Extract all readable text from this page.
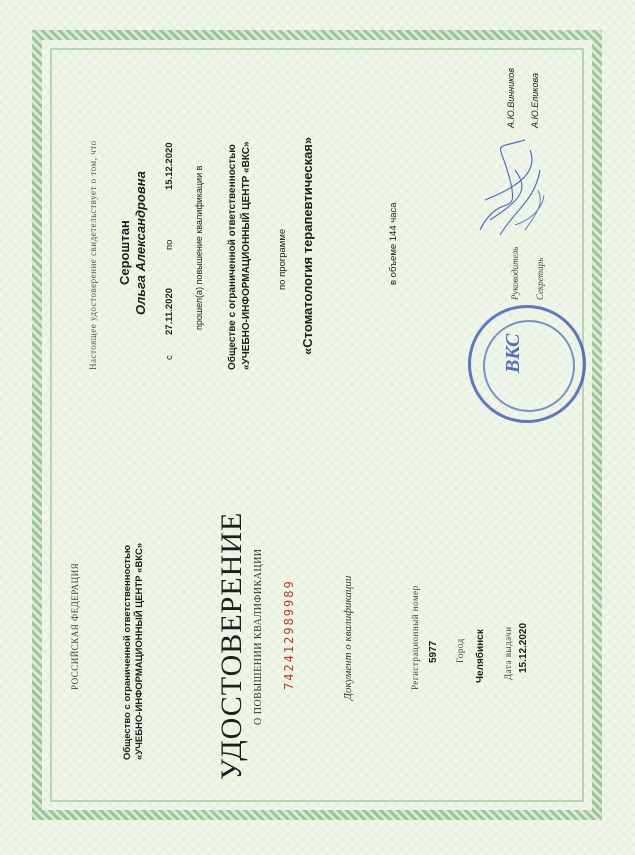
РОССИЙСКАЯ ФЕДЕРАЦИЯ	Общество с ограниченной ответственностью «УЧЕБНО-ИНФОРМАЦИОННЫЙ ЦЕНТР «ВКС» УДОСТОВЕРЕНИЕ О ПОВЫШЕНИИ КВАЛИФИКАЦИИ 742412989989	Документ о квалификации	Регистрационный номер 5977 Город Челябинск Дата выдачи 15.12.2020
Настоящее удостоверение свидетельствует о том, что Сероштан Ольга Александровна
с
27.11.2020
по
15.12.2020 прошел(а) повышение квалификации в Обществе с ограниченной ответственностью «УЧЕБНО-ИНФОРМАЦИОННЫЙ ЦЕНТР «ВКС»	по программе «Стоматология терапевтическая»	в объеме 144 часа	Руководитель
А.Ю.Винников
Секретарь
А.Ю.Еликова
ВКС
